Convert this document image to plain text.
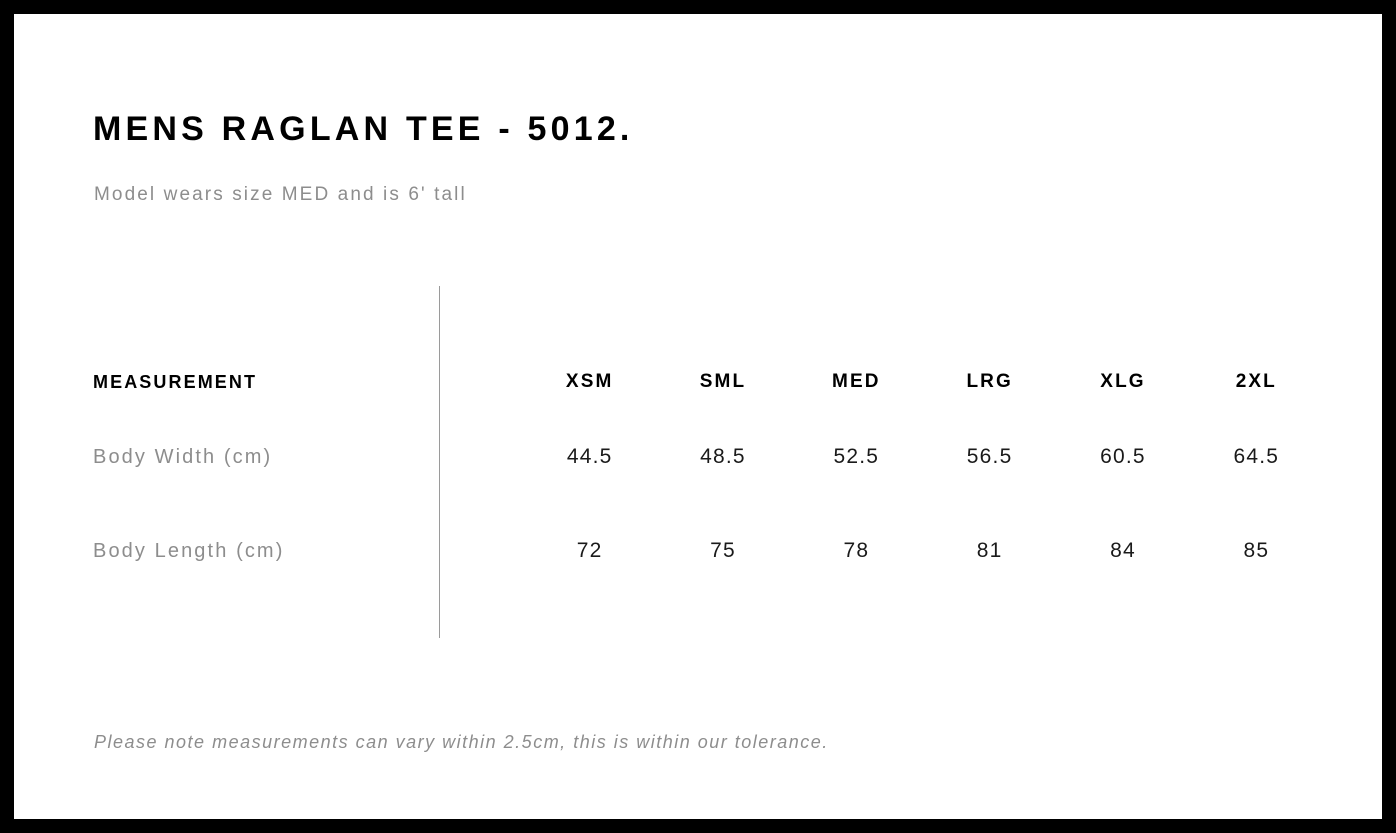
MENS RAGLAN TEE - 5012.
Model wears size MED and is 6' tall
MEASUREMENT	XSM	SML	MED	LRG	XLG	2XL
Body Width (cm)	44.5	48.5	52.5	56.5	60.5	64.5
Body Length (cm)	72	75	78	81	84	85
Please note measurements can vary within 2.5cm, this is within our tolerance.
